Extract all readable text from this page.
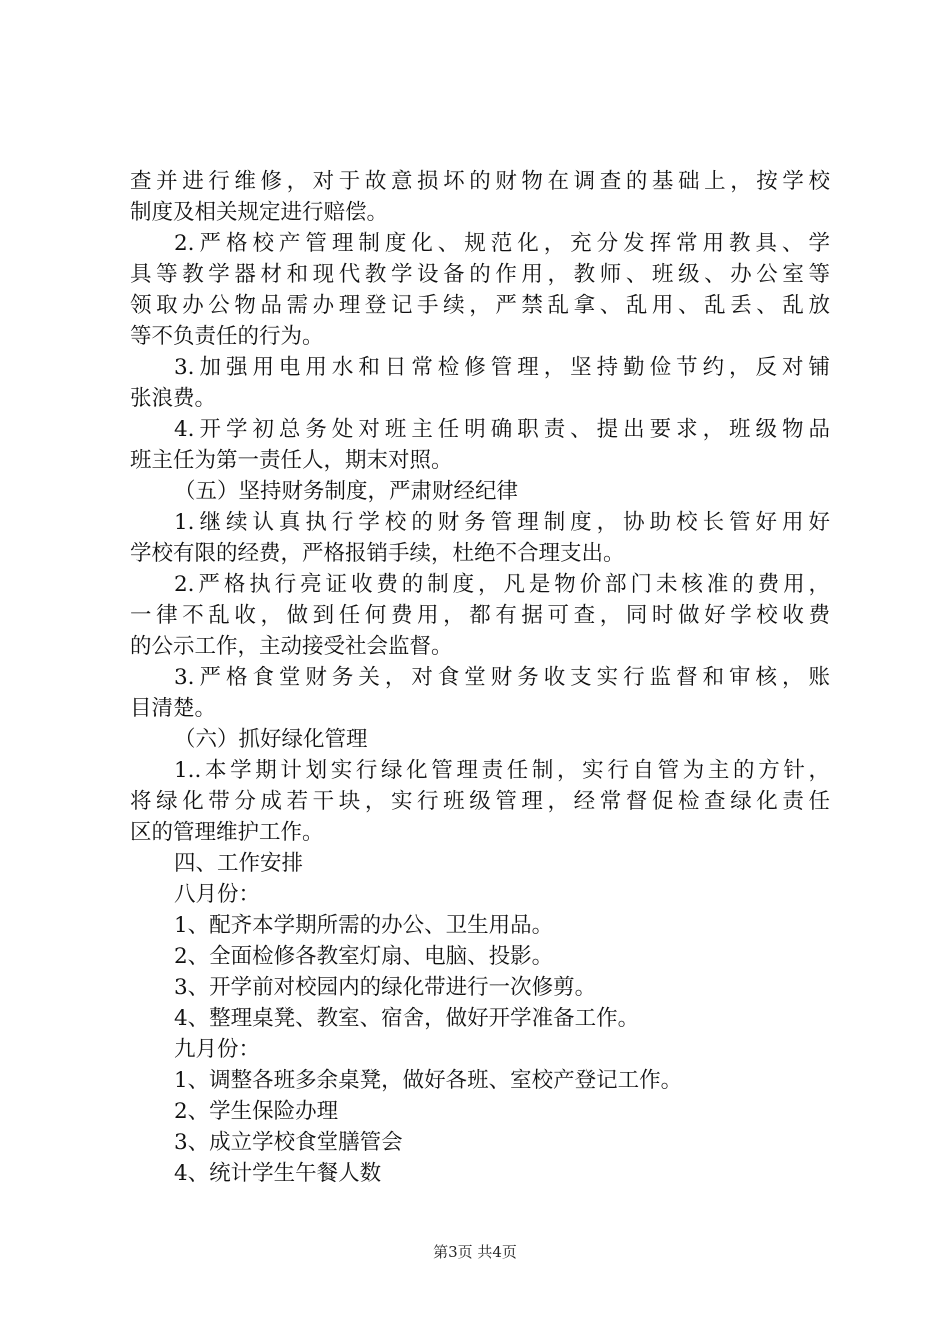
查并进行维修，对于故意损坏的财物在调查的基础上，按学校
制度及相关规定进行赔偿。
2.严格校产管理制度化、规范化，充分发挥常用教具、学
具等教学器材和现代教学设备的作用，教师、班级、办公室等
领取办公物品需办理登记手续，严禁乱拿、乱用、乱丢、乱放
等不负责任的行为。
3.加强用电用水和日常检修管理，坚持勤俭节约，反对铺
张浪费。
4.开学初总务处对班主任明确职责、提出要求，班级物品
班主任为第一责任人，期末对照。
（五）坚持财务制度，严肃财经纪律
1.继续认真执行学校的财务管理制度，协助校长管好用好
学校有限的经费，严格报销手续，杜绝不合理支出。
2.严格执行亮证收费的制度，凡是物价部门未核准的费用，
一律不乱收，做到任何费用，都有据可查，同时做好学校收费
的公示工作，主动接受社会监督。
3.严格食堂财务关，对食堂财务收支实行监督和审核，账
目清楚。
（六）抓好绿化管理
1..本学期计划实行绿化管理责任制，实行自管为主的方针，
将绿化带分成若干块，实行班级管理，经常督促检查绿化责任
区的管理维护工作。
四、工作安排
八月份：
1、配齐本学期所需的办公、卫生用品。
2、全面检修各教室灯扇、电脑、投影。
3、开学前对校园内的绿化带进行一次修剪。
4、整理桌凳、教室、宿舍，做好开学准备工作。
九月份：
1、调整各班多余桌凳，做好各班、室校产登记工作。
2、学生保险办理
3、成立学校食堂膳管会
4、统计学生午餐人数
第3页 共4页
